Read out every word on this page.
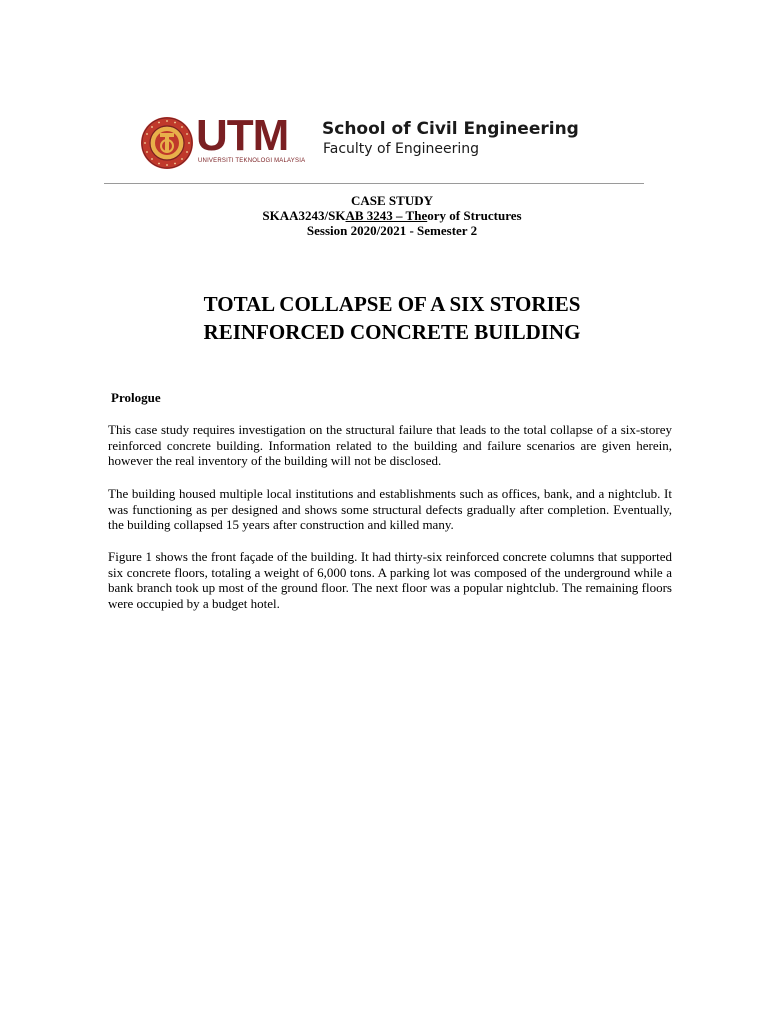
UTM
UNIVERSITI TEKNOLOGI MALAYSIA
School of Civil Engineering
Faculty of Engineering
CASE STUDY
SKAA3243/SKAB 3243 – Theory of Structures
Session 2020/2021 - Semester 2
TOTAL COLLAPSE OF A SIX STORIES
REINFORCED CONCRETE BUILDING
Prologue
This case study requires investigation on the structural failure that leads to the total collapse of a six-storey reinforced concrete building. Information related to the building and failure scenarios are given herein, however the real inventory of the building will not be disclosed.
The building housed multiple local institutions and establishments such as offices, bank, and a nightclub. It was functioning as per designed and shows some structural defects gradually after completion. Eventually, the building collapsed 15 years after construction and killed many.
Figure 1 shows the front façade of the building. It had thirty-six reinforced concrete columns that supported six concrete floors, totaling a weight of 6,000 tons. A parking lot was composed of the underground while a bank branch took up most of the ground floor. The next floor was a popular nightclub. The remaining floors were occupied by a budget hotel.
